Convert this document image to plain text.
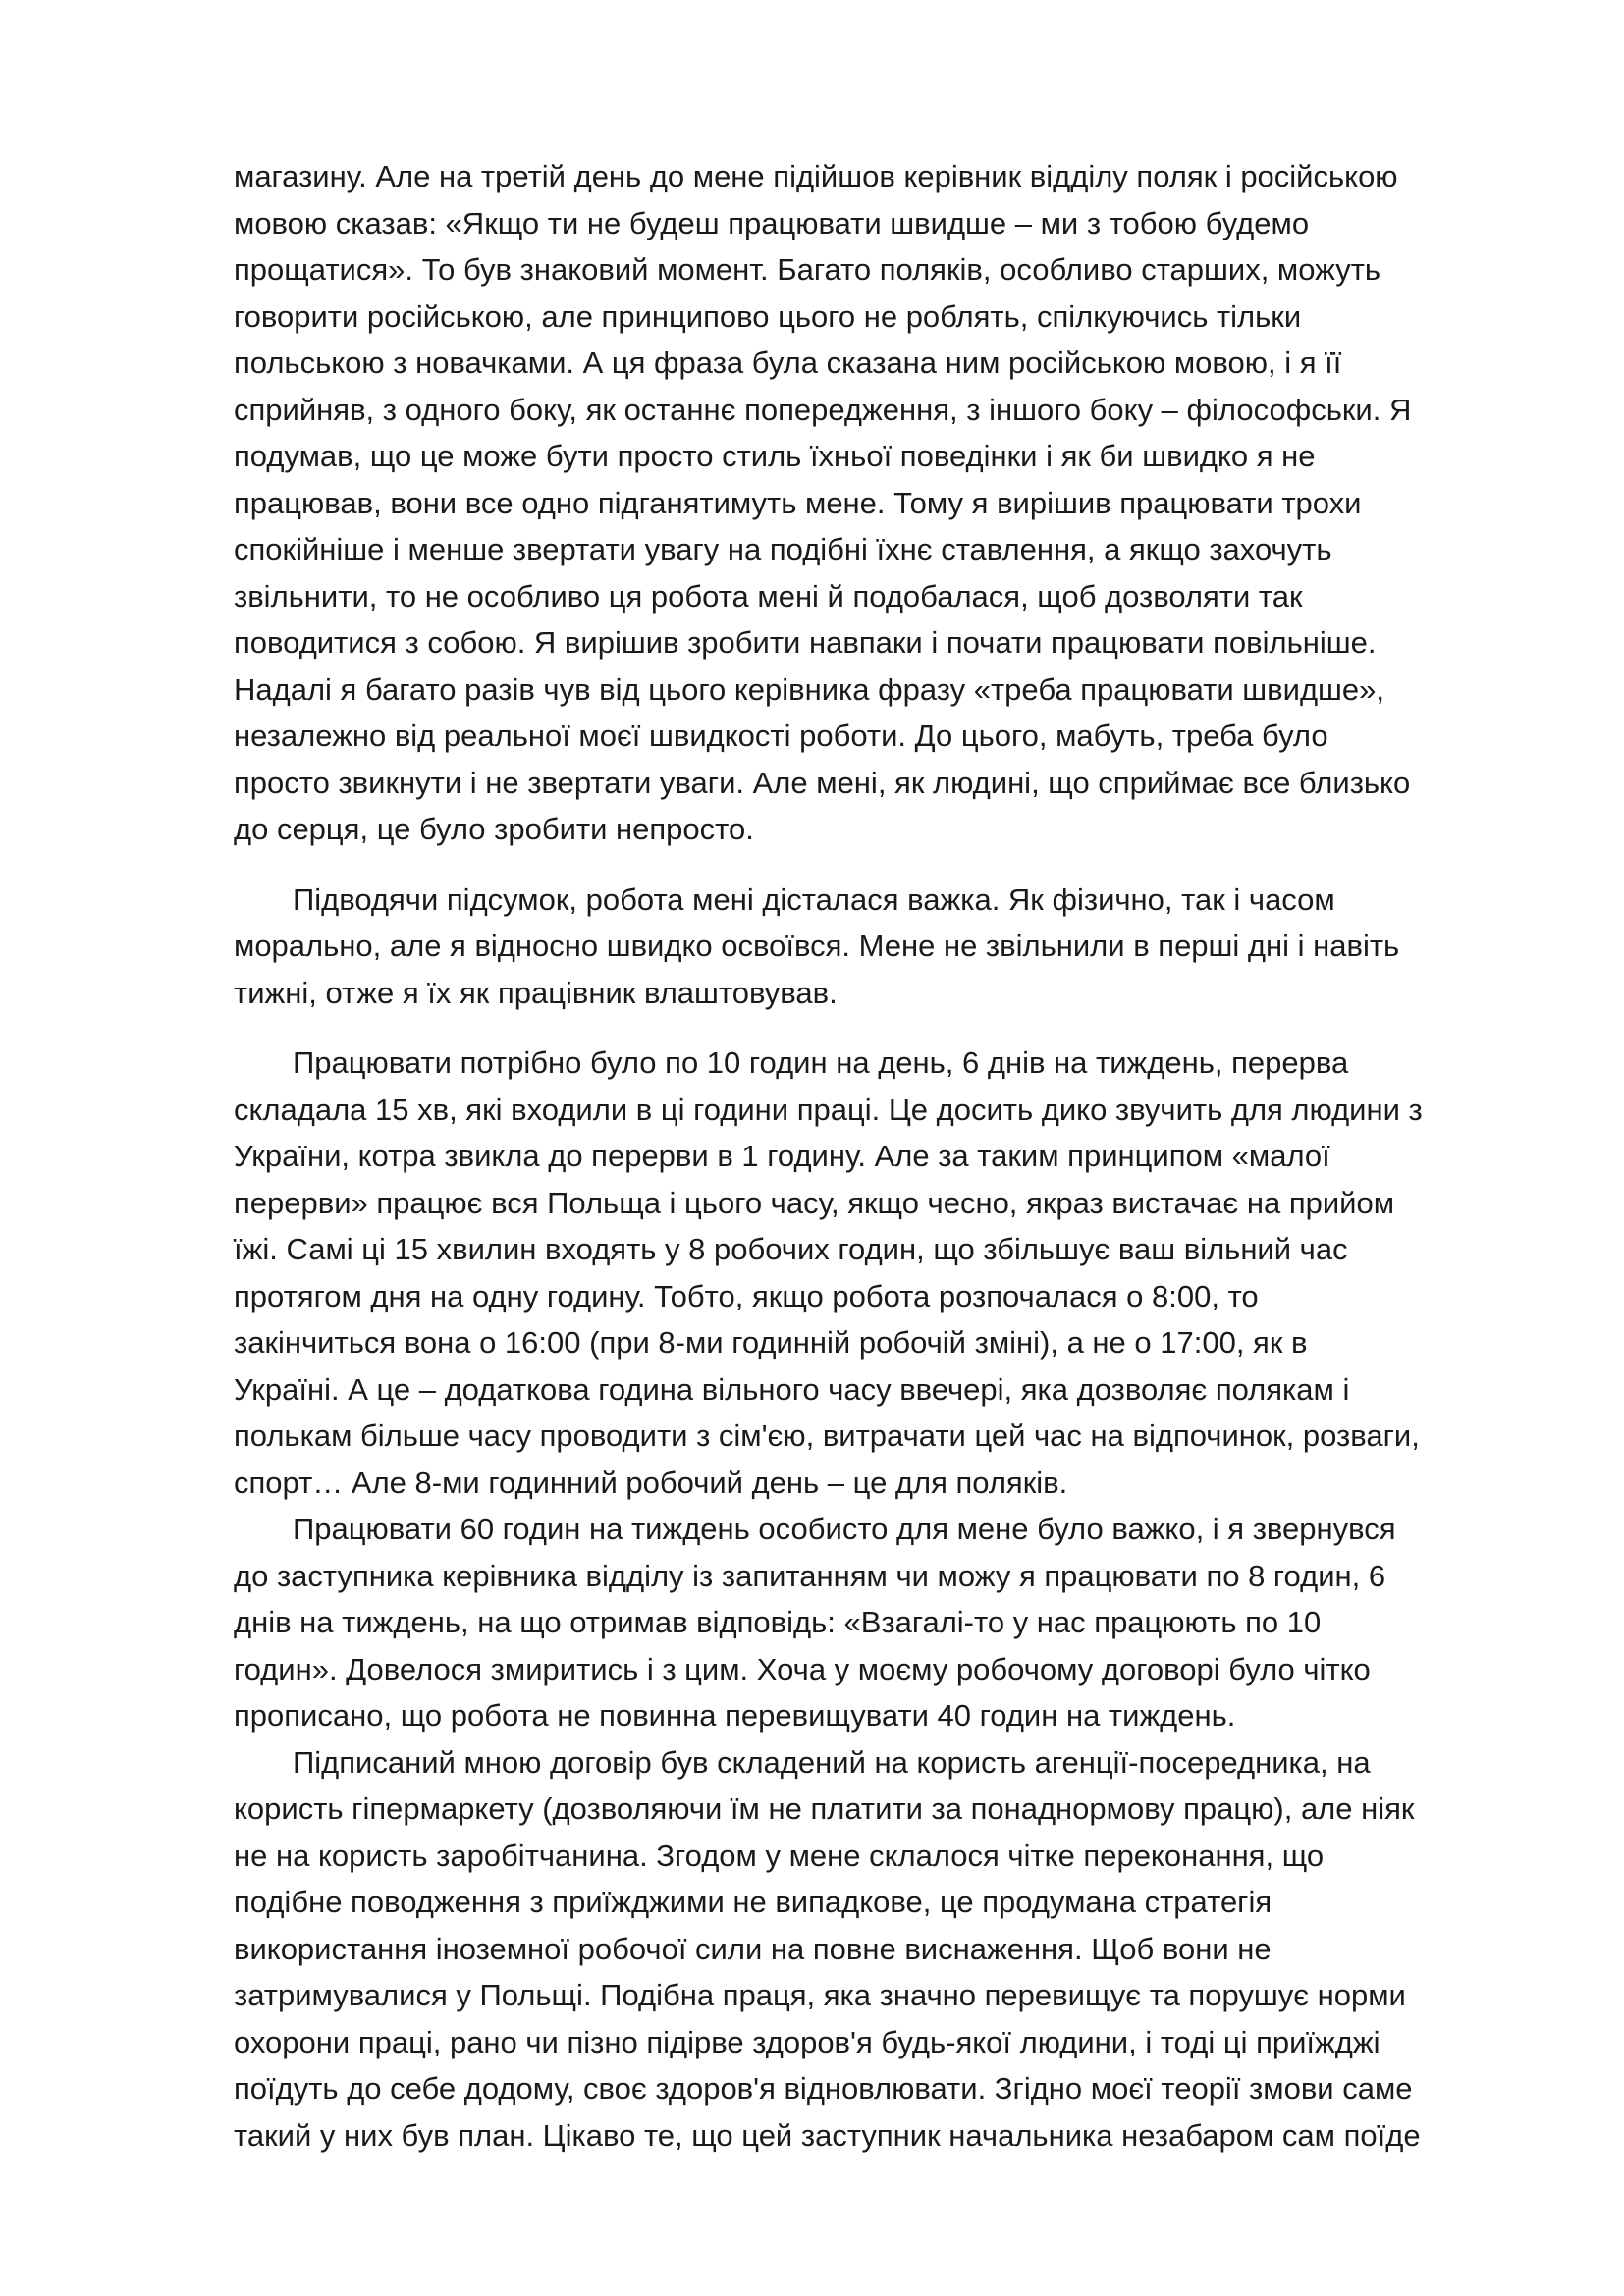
магазину. Але на третій день до мене підійшов керівник відділу поляк і російською
мовою сказав: «Якщо ти не будеш працювати швидше – ми з тобою будемо
прощатися». То був знаковий момент. Багато поляків, особливо старших, можуть
говорити російською, але принципово цього не роблять, спілкуючись тільки
польською з новачками. А ця фраза була сказана ним російською мовою, і я її
сприйняв, з одного боку, як останнє попередження, з іншого боку – філософськи. Я
подумав, що це може бути просто стиль їхньої поведінки і як би швидко я не
працював, вони все одно підганятимуть мене. Тому я вирішив працювати трохи
спокійніше і менше звертати увагу на подібні їхнє ставлення, а якщо захочуть
звільнити, то не особливо ця робота мені й подобалася, щоб дозволяти так
поводитися з собою. Я вирішив зробити навпаки і почати працювати повільніше.
Надалі я багато разів чув від цього керівника фразу «треба працювати швидше»,
незалежно від реальної моєї швидкості роботи. До цього, мабуть, треба було
просто звикнути і не звертати уваги. Але мені, як людині, що сприймає все близько
до серця, це було зробити непросто.
Підводячи підсумок, робота мені дісталася важка. Як фізично, так і часом
морально, але я відносно швидко освоївся. Мене не звільнили в перші дні і навіть
тижні, отже я їх як працівник влаштовував.
Працювати потрібно було по 10 годин на день, 6 днів на тиждень, перерва
складала 15 хв, які входили в ці години праці. Це досить дико звучить для людини з
України, котра звикла до перерви в 1 годину. Але за таким принципом «малої
перерви» працює вся Польща і цього часу, якщо чесно, якраз вистачає на прийом
їжі. Самі ці 15 хвилин входять у 8 робочих годин, що збільшує ваш вільний час
протягом дня на одну годину. Тобто, якщо робота розпочалася о 8:00, то
закінчиться вона о 16:00 (при 8-ми годинній робочій зміні), а не о 17:00, як в
Україні. А це – додаткова година вільного часу ввечері, яка дозволяє полякам і
полькам більше часу проводити з сім'єю, витрачати цей час на відпочинок, розваги,
спорт… Але 8-ми годинний робочий день – це для поляків.
Працювати 60 годин на тиждень особисто для мене було важко, і я звернувся
до заступника керівника відділу із запитанням чи можу я працювати по 8 годин, 6
днів на тиждень, на що отримав відповідь: «Взагалі-то у нас працюють по 10
годин». Довелося змиритись і з цим. Хоча у моєму робочому договорі було чітко
прописано, що робота не повинна перевищувати 40 годин на тиждень.
Підписаний мною договір був складений на користь агенції-посередника, на
користь гіпермаркету (дозволяючи їм не платити за понаднормову працю), але ніяк
не на користь заробітчанина. Згодом у мене склалося чітке переконання, що
подібне поводження з приїжджими не випадкове, це продумана стратегія
використання іноземної робочої сили на повне виснаження. Щоб вони не
затримувалися у Польщі. Подібна праця, яка значно перевищує та порушує норми
охорони праці, рано чи пізно підірве здоров'я будь-якої людини, і тоді ці приїжджі
поїдуть до себе додому, своє здоров'я відновлювати. Згідно моєї теорії змови саме
такий у них був план. Цікаво те, що цей заступник начальника незабаром сам поїде
